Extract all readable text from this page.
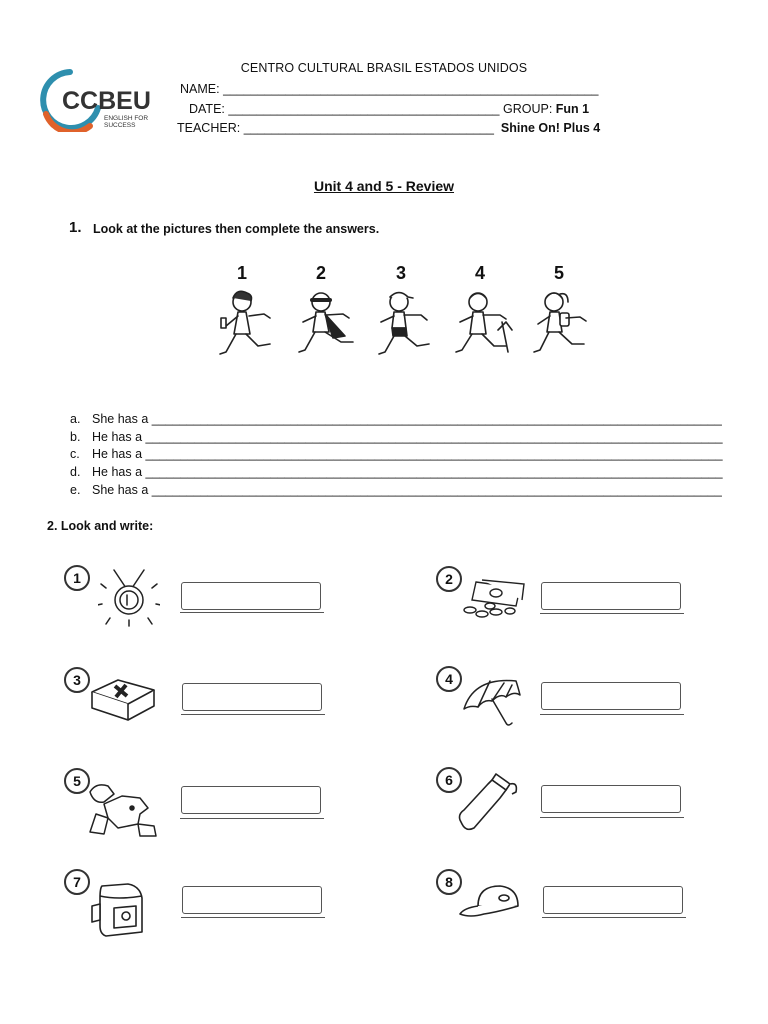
CCBEU
ENGLISH FOR
SUCCESS
CENTRO CULTURAL BRASIL ESTADOS UNIDOS
NAME: ______________________________________________________
DATE: _______________________________________ GROUP: Fun 1
TEACHER: ____________________________________ Shine On! Plus 4
Unit 4 and 5 - Review
1. Look at the pictures then complete the answers.
1	2	3	4	5
a. She has a __________________________________________________________________________________
b. He has a ___________________________________________________________________________________
c. He has a ___________________________________________________________________________________
d. He has a ___________________________________________________________________________________
e. She has a __________________________________________________________________________________
2. Look and write:
1	2
3	4
5	6
7	8
